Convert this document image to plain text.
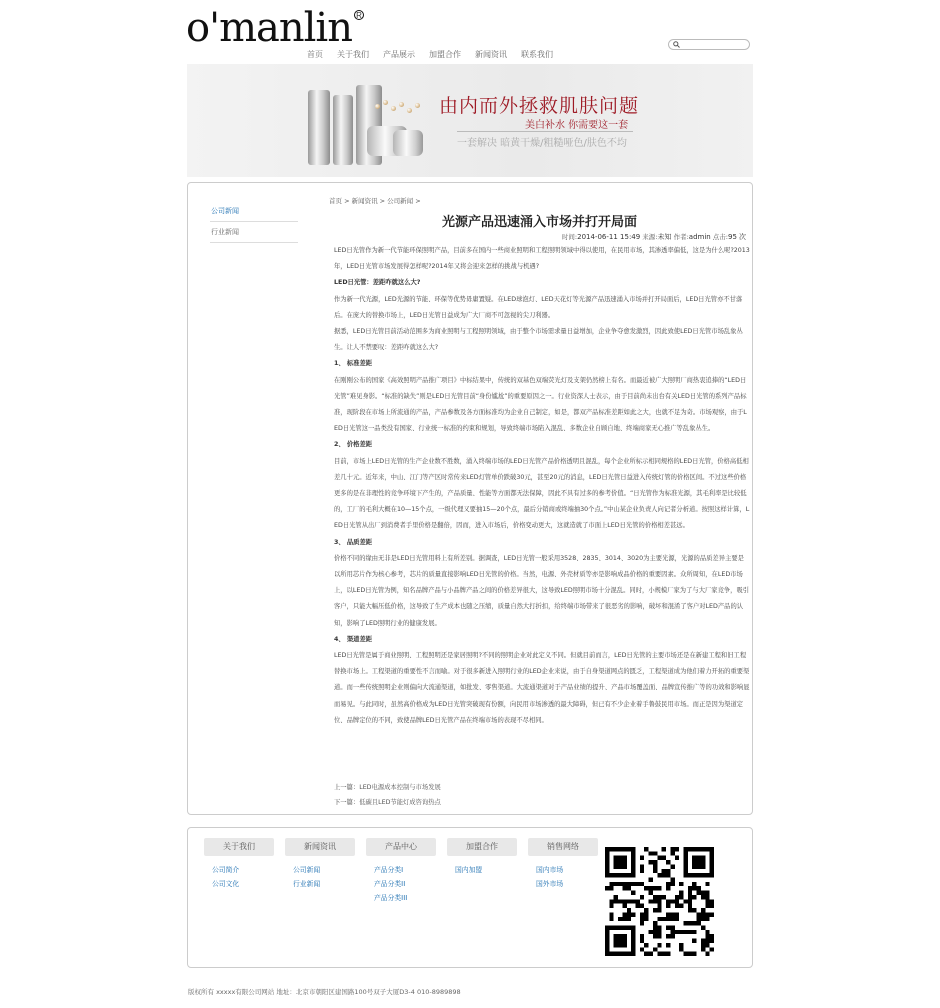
o'manlin R
首页	关于我们	产品展示	加盟合作	新闻资讯	联系我们
由内而外拯救肌肤问题
美白补水 你需要这一套
一套解决 暗黄干燥/粗糙哑色/肤色不均
公司新闻
行业新闻
首页 > 新闻资讯 > 公司新闻 >
光源产品迅速涌入市场并打开局面
时间:2014-06-11 15:49 来源:未知 作者:admin 点击:95 次

LED日光管作为新一代节能环保照明产品，目前多在国内一些商业照明和工程照明领域中得以使用，在民用市场，其渗透率偏低，这是为什么呢?2013年，LED日光管市场发展得怎样呢?2014年又将会迎来怎样的挑战与机遇?

LED日光管：差距咋就这么大?

作为新一代光源，LED光源的节能、环保等优势毋庸置疑。在LED球泡灯、LED天花灯等光源产品迅速涌入市场并打开局面后，LED日光管亦不甘落后。在庞大的替换市场上，LED日光管日益成为广大厂商不可忽视的尖刀利器。

据悉，LED日光管目前活动范围多为商业照明与工程照明领域，由于整个市场需求量日益增加，企业争夺愈发激烈，因此致使LED日光管市场乱象丛生。让人不禁要叹：差距咋就这么大?

1、 标准差距

在刚刚公布的国家《高效照明产品推广项目》中标结果中，传统的双基色双端荧光灯及支架仍然榜上有名。而最近被广大照明厂商热衷追捧的“LED日光管”难见身影。“标准的缺失”则是LED日光管目前“身份尴尬”的重要原因之一。行业资深人士表示，由于目前尚未出台有关LED日光管的系列产品标准，现阶段在市场上所流通的产品，产品参数及各方面标准均为企业自己制定，如是，都双产品标准差距如此之大，也就不足为奇。市场观察，由于LED日光管这一品类没有国家、行业统一标准的约束和规划，导致终端市场陷入混乱、多数企业自顾自地、终端商家无心推广等乱象丛生。

2、 价格差距

目前，市场上LED日光管的生产企业数不胜数，涌入终端市场的LED日光管产品价格透明且混乱，每个企业所标示相同规格的LED日光管，价格高低相差几十元。近年来，中山、江门等产区时常传来LED灯管单价跌破30元，甚至20元的消息，LED日光管日益进入传统灯管的价格区间。不过这些价格更多的是在非理性的竞争环境下产生的，产品质量、性能等方面都无法保障，因此不具有过多的参考价值。“日光管作为标准光源，其毛利率是比较低的，工厂的毛利大概在10—15个点，一级代理又要抽15—20个点，最后分销商或终端抽30个点。”中山某企业负责人向记者分析道。按照这样计算，LED日光管从出厂到消费者手里价格是翻倍，因而，进入市场后，价格变动更大，这就造就了市面上LED日光管的价格相差甚远。

3、 品质差距

价格不同的缘由无非是LED日光管用料上有所差别。据调查，LED日光管一般采用3528、2835、3014、3020为主要光源，光源的品质差异主要是以所用芯片作为核心参考，芯片的质量直接影响LED日光管的价格。当然，电源、外壳材质等亦是影响成品价格的重要因素。众所周知，在LED市场上，以LED日光管为例，知名品牌产品与小品牌产品之间的价格差异很大，这导致LED照明市场十分混乱。同时，小规模厂家为了与大厂家竞争，吸引客户，只能大幅压低价格，这导致了生产成本也随之压缩，质量自然大打折扣，给终端市场带来了很恶劣的影响，破坏和混淆了客户对LED产品的认知，影响了LED照明行业的健康发展。

4、 渠道差距

LED日光管是属于商业照明、工程照明还是家居照明?不同的照明企业对此定义不同。但就目前而言，LED日光管的主要市场还是在新建工程和旧工程替换市场上。工程渠道的重要性不言而喻。对于很多新进入照明行业的LED企业来说，由于自身渠道网点的匮乏，工程渠道成为他们着力开拓的重要渠道。而一些传统照明企业则偏向大流通渠道，如批发、零售渠道。大流通渠道对于产品业绩的提升、产品市场覆盖面、品牌宣传推广等的功效和影响显而易见。与此同时，虽然高价格成为LED日光管突破现有份额，向民用市场渗透的最大障碍，但已有不少企业着手鲁鼓民用市场。而正是因为渠道定位、品牌定位的不同，致使品牌LED日光管产品在终端市场的表现不尽相同。

上一篇：LED电源成本控制与市场发展
下一篇：低碳且LED节能灯成咨询热点
关于我们
公司简介
公司文化
新闻资讯
公司新闻
行业新闻
产品中心
产品分类I
产品分类II
产品分类III
加盟合作
国内加盟
销售网络
国内市场
国外市场
版权所有 xxxxx有限公司网站 地址：北京市朝阳区建国路100号双子大厦D3-4 010-8989898
